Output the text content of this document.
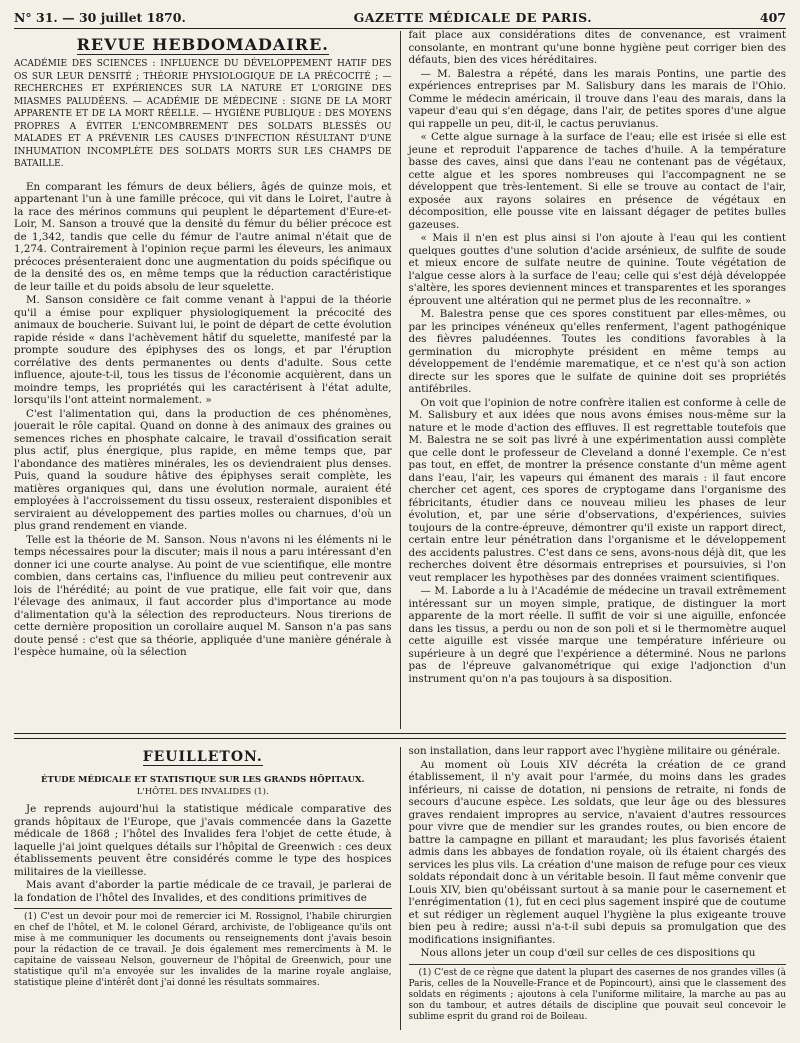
N° 31. — 30 juillet 1870.	GAZETTE MÉDICALE DE PARIS.	407
REVUE HEBDOMADAIRE.
ACADÉMIE DES SCIENCES : INFLUENCE DU DÉVELOPPEMENT HATIF DES OS SUR LEUR DENSITÉ ; THÉORIE PHYSIOLOGIQUE DE LA PRÉCOCITÉ ; — RECHERCHES ET EXPÉRIENCES SUR LA NATURE ET L'ORIGINE DES MIASMES PALUDÉENS. — ACADÉMIE DE MÉDECINE : SIGNE DE LA MORT APPARENTE ET DE LA MORT RÉELLE. — HYGIÈNE PUBLIQUE : DES MOYENS PROPRES A ÉVITER L'ENCOMBREMENT DES SOLDATS BLESSÉS OU MALADES ET A PRÉVENIR LES CAUSES D'INFECTION RÉSULTANT D'UNE INHUMATION INCOMPLÈTE DES SOLDATS MORTS SUR LES CHAMPS DE BATAILLE.

En comparant les fémurs de deux béliers, âgés de quinze mois, et appartenant l'un à une famille précoce, qui vit dans le Loiret, l'autre à la race des mérinos communs qui peuplent le département d'Eure-et-Loir, M. Sanson a trouvé que la densité du fémur du bélier précoce est de 1,342, tandis que celle du fémur de l'autre animal n'était que de 1,274. Contrairement à l'opinion reçue parmi les éleveurs, les animaux précoces présenteraient donc une augmentation du poids spécifique ou de la densité des os, en même temps que la réduction caractéristique de leur taille et du poids absolu de leur squelette.

M. Sanson considère ce fait comme venant à l'appui de la théorie qu'il a émise pour expliquer physiologiquement la précocité des animaux de boucherie. Suivant lui, le point de départ de cette évolution rapide réside « dans l'achèvement hâtif du squelette, manifesté par la prompte soudure des épiphyses des os longs, et par l'éruption corrélative des dents permanentes ou dents d'adulte. Sous cette influence, ajoute-t-il, tous les tissus de l'économie acquièrent, dans un moindre temps, les propriétés qui les caractérisent à l'état adulte, lorsqu'ils l'ont atteint normalement. »

C'est l'alimentation qui, dans la production de ces phénomènes, jouerait le rôle capital. Quand on donne à des animaux des graines ou semences riches en phosphate calcaire, le travail d'ossification serait plus actif, plus énergique, plus rapide, en même temps que, par l'abondance des matières minérales, les os deviendraient plus denses. Puis, quand la soudure hâtive des épiphyses serait complète, les matières organiques qui, dans une évolution normale, auraient été employées à l'accroissement du tissu osseux, resteraient disponibles et serviraient au développement des parties molles ou charnues, d'où un plus grand rendement en viande.

Telle est la théorie de M. Sanson. Nous n'avons ni les éléments ni le temps nécessaires pour la discuter; mais il nous a paru intéressant d'en donner ici une courte analyse. Au point de vue scientifique, elle montre combien, dans certains cas, l'influence du milieu peut contrevenir aux lois de l'hérédité; au point de vue pratique, elle fait voir que, dans l'élevage des animaux, il faut accorder plus d'importance au mode d'alimentation qu'à la sélection des reproducteurs. Nous tirerions de cette dernière proposition un corollaire auquel M. Sanson n'a pas sans doute pensé : c'est que sa théorie, appliquée d'une manière générale à l'espèce humaine, où la sélection

fait place aux considérations dites de convenance, est vraiment consolante, en montrant qu'une bonne hygiène peut corriger bien des défauts, bien des vices héréditaires.

— M. Balestra a répété, dans les marais Pontins, une partie des expériences entreprises par M. Salisbury dans les marais de l'Ohio. Comme le médecin américain, il trouve dans l'eau des marais, dans la vapeur d'eau qui s'en dégage, dans l'air, de petites spores d'une algue qui rappelle un peu, dit-il, le cactus peruvianus.

« Cette algue surnage à la surface de l'eau; elle est irisée si elle est jeune et reproduit l'apparence de taches d'huile. A la température basse des caves, ainsi que dans l'eau ne contenant pas de végétaux, cette algue et les spores nombreuses qui l'accompagnent ne se développent que très-lentement. Si elle se trouve au contact de l'air, exposée aux rayons solaires en présence de végétaux en décomposition, elle pousse vite en laissant dégager de petites bulles gazeuses.

« Mais il n'en est plus ainsi si l'on ajoute à l'eau qui les contient quelques gouttes d'une solution d'acide arsénieux, de sulfite de soude et mieux encore de sulfate neutre de quinine. Toute végétation de l'algue cesse alors à la surface de l'eau; celle qui s'est déjà développée s'altère, les spores deviennent minces et transparentes et les sporanges éprouvent une altération qui ne permet plus de les reconnaître. »

M. Balestra pense que ces spores constituent par elles-mêmes, ou par les principes vénéneux qu'elles renferment, l'agent pathogénique des fièvres paludéennes. Toutes les conditions favorables à la germination du microphyte président en même temps au développement de l'endémie marematique, et ce n'est qu'à son action directe sur les spores que le sulfate de quinine doit ses propriétés antifébriles.

On voit que l'opinion de notre confrère italien est conforme à celle de M. Salisbury et aux idées que nous avons émises nous-même sur la nature et le mode d'action des effluves. Il est regrettable toutefois que M. Balestra ne se soit pas livré à une expérimentation aussi complète que celle dont le professeur de Cleveland a donné l'exemple. Ce n'est pas tout, en effet, de montrer la présence constante d'un même agent dans l'eau, l'air, les vapeurs qui émanent des marais : il faut encore chercher cet agent, ces spores de cryptogame dans l'organisme des fébricitants, étudier dans ce nouveau milieu les phases de leur évolution, et, par une série d'observations, d'expériences, suivies toujours de la contre-épreuve, démontrer qu'il existe un rapport direct, certain entre leur pénétration dans l'organisme et le développement des accidents palustres. C'est dans ce sens, avons-nous déjà dit, que les recherches doivent être désormais entreprises et poursuivies, si l'on veut remplacer les hypothèses par des données vraiment scientifiques.

— M. Laborde a lu à l'Académie de médecine un travail extrêmement intéressant sur un moyen simple, pratique, de distinguer la mort apparente de la mort réelle. Il suffit de voir si une aiguille, enfoncée dans les tissus, a perdu ou non de son poli et si le thermomètre auquel cette aiguille est vissée marque une température inférieure ou supérieure à un degré que l'expérience a déterminé. Nous ne parlons pas de l'épreuve galvanométrique qui exige l'adjonction d'un instrument qu'on n'a pas toujours à sa disposition.

FEUILLETON.
ÉTUDE MÉDICALE ET STATISTIQUE SUR LES GRANDS HÔPITAUX.
L'HÔTEL DES INVALIDES (1).

Je reprends aujourd'hui la statistique médicale comparative des grands hôpitaux de l'Europe, que j'avais commencée dans la Gazette médicale de 1868 ; l'hôtel des Invalides fera l'objet de cette étude, à laquelle j'ai joint quelques détails sur l'hôpital de Greenwich : ces deux établissements peuvent être considérés comme le type des hospices militaires de la vieillesse.

Mais avant d'aborder la partie médicale de ce travail, je parlerai de la fondation de l'hôtel des Invalides, et des conditions primitives de

(1) C'est un devoir pour moi de remercier ici M. Rossignol, l'habile chirurgien en chef de l'hôtel, et M. le colonel Gérard, archiviste, de l'obligeance qu'ils ont mise à me communiquer les documents ou renseignements dont j'avais besoin pour la rédaction de ce travail. Je dois également mes remercîments à M. le capitaine de vaisseau Nelson, gouverneur de l'hôpital de Greenwich, pour une statistique qu'il m'a envoyée sur les invalides de la marine royale anglaise, statistique pleine d'intérêt dont j'ai donné les résultats sommaires.

son installation, dans leur rapport avec l'hygiène militaire ou générale.

Au moment où Louis XIV décréta la création de ce grand établissement, il n'y avait pour l'armée, du moins dans les grades inférieurs, ni caisse de dotation, ni pensions de retraite, ni fonds de secours d'aucune espèce. Les soldats, que leur âge ou des blessures graves rendaient impropres au service, n'avaient d'autres ressources pour vivre que de mendier sur les grandes routes, ou bien encore de battre la campagne en pillant et maraudant; les plus favorisés étaient admis dans les abbayes de fondation royale, où ils étaient chargés des services les plus vils. La création d'une maison de refuge pour ces vieux soldats répondait donc à un véritable besoin. Il faut même convenir que Louis XIV, bien qu'obéissant surtout à sa manie pour le casernement et l'enrégimentation (1), fut en ceci plus sagement inspiré que de coutume et sut rédiger un règlement auquel l'hygiène la plus exigeante trouve bien peu à redire; aussi n'a-t-il subi depuis sa promulgation que des modifications insignifiantes.

Nous allons jeter un coup d'œil sur celles de ces dispositions qu

(1) C'est de ce règne que datent la plupart des casernes de nos grandes villes (à Paris, celles de la Nouvelle-France et de Popincourt), ainsi que le classement des soldats en régiments ; ajoutons à cela l'uniforme militaire, la marche au pas au son du tambour, et autres détails de discipline que pouvait seul concevoir le sublime esprit du grand roi de Boileau.
